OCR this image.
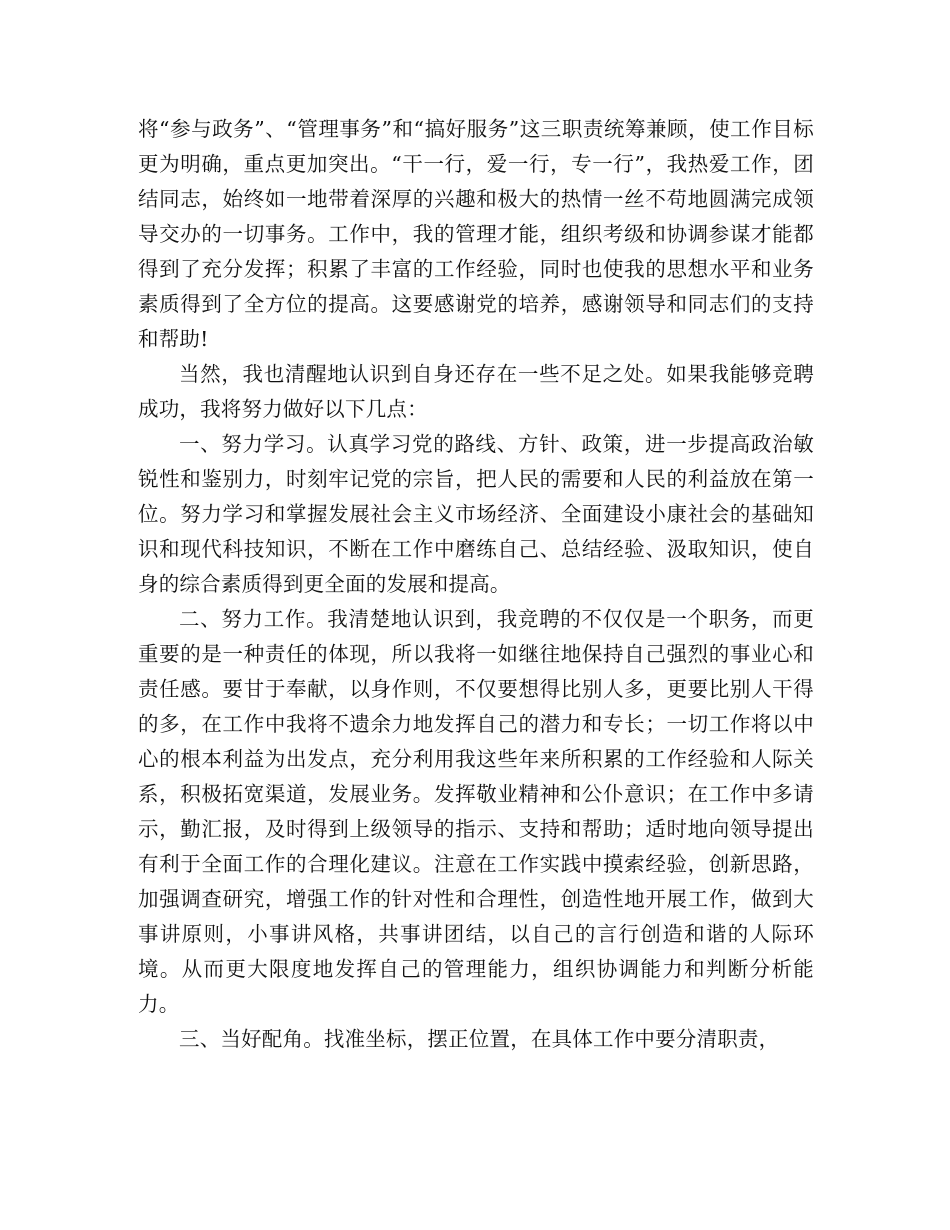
将“参与政务”、“管理事务”和“搞好服务”这三职责统筹兼顾，使工作目标更为明确，重点更加突出。“干一行，爱一行，专一行”，我热爱工作，团结同志，始终如一地带着深厚的兴趣和极大的热情一丝不苟地圆满完成领导交办的一切事务。工作中，我的管理才能，组织考级和协调参谋才能都得到了充分发挥；积累了丰富的工作经验，同时也使我的思想水平和业务素质得到了全方位的提高。这要感谢党的培养，感谢领导和同志们的支持和帮助!

当然，我也清醒地认识到自身还存在一些不足之处。如果我能够竞聘成功，我将努力做好以下几点：

一、努力学习。认真学习党的路线、方针、政策，进一步提高政治敏锐性和鉴别力，时刻牢记党的宗旨，把人民的需要和人民的利益放在第一位。努力学习和掌握发展社会主义市场经济、全面建设小康社会的基础知识和现代科技知识，不断在工作中磨练自己、总结经验、汲取知识，使自身的综合素质得到更全面的发展和提高。

二、努力工作。我清楚地认识到，我竞聘的不仅仅是一个职务，而更重要的是一种责任的体现，所以我将一如继往地保持自己强烈的事业心和责任感。要甘于奉献，以身作则，不仅要想得比别人多，更要比别人干得的多，在工作中我将不遗余力地发挥自己的潜力和专长；一切工作将以中心的根本利益为出发点，充分利用我这些年来所积累的工作经验和人际关系，积极拓宽渠道，发展业务。发挥敬业精神和公仆意识；在工作中多请示，勤汇报，及时得到上级领导的指示、支持和帮助；适时地向领导提出有利于全面工作的合理化建议。注意在工作实践中摸索经验，创新思路，加强调查研究，增强工作的针对性和合理性，创造性地开展工作，做到大事讲原则，小事讲风格，共事讲团结，以自己的言行创造和谐的人际环境。从而更大限度地发挥自己的管理能力，组织协调能力和判断分析能力。

三、当好配角。找准坐标，摆正位置，在具体工作中要分清职责，
